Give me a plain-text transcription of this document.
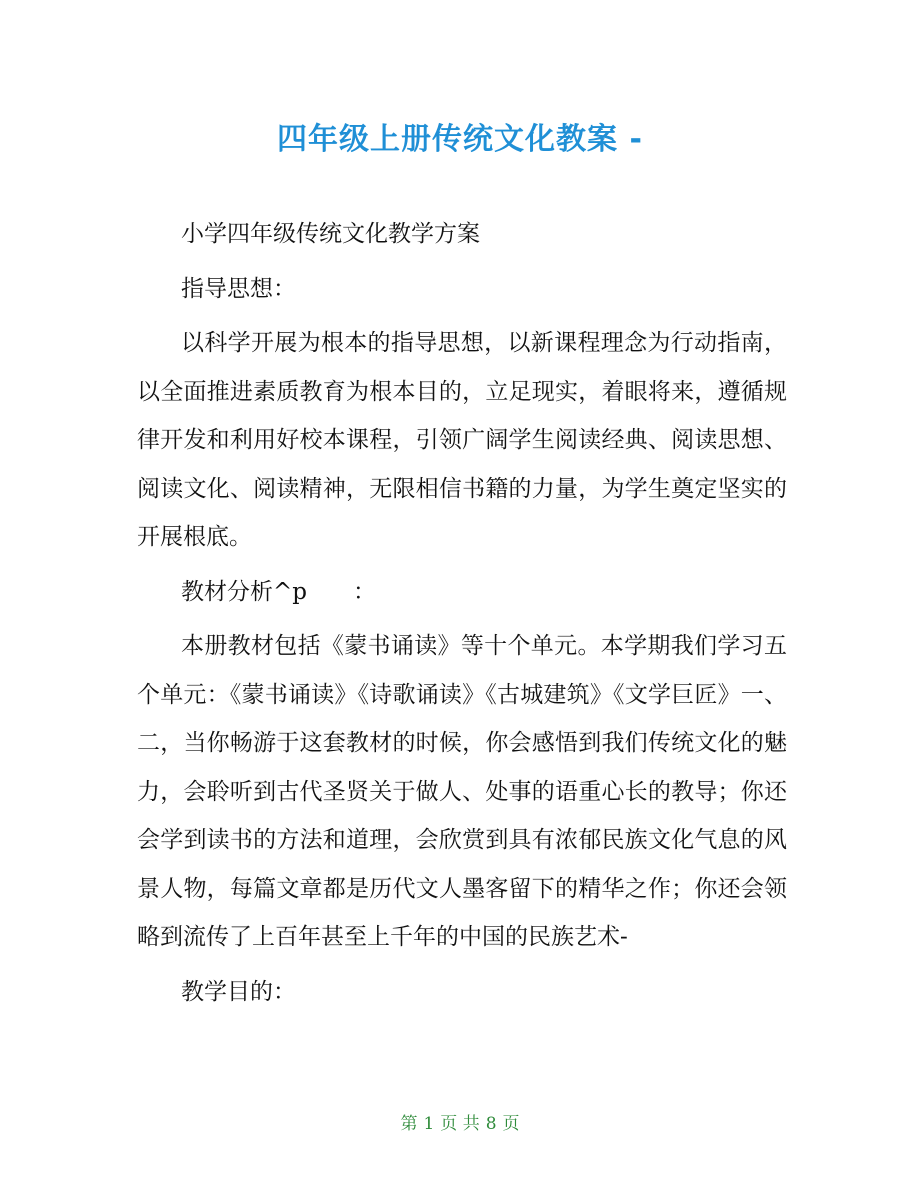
四年级上册传统文化教案 -

小学四年级传统文化教学方案

指导思想：

以科学开展为根本的指导思想，以新课程理念为行动指南，以全面推进素质教育为根本目的，立足现实，着眼将来，遵循规律开发和利用好校本课程，引领广阔学生阅读经典、阅读思想、阅读文化、阅读精神，无限相信书籍的力量，为学生奠定坚实的开展根底。

教材分析^p　　：

本册教材包括《蒙书诵读》等十个单元。本学期我们学习五个单元：《蒙书诵读》《诗歌诵读》《古城建筑》《文学巨匠》一、二，当你畅游于这套教材的时候，你会感悟到我们传统文化的魅力，会聆听到古代圣贤关于做人、处事的语重心长的教导；你还会学到读书的方法和道理，会欣赏到具有浓郁民族文化气息的风景人物，每篇文章都是历代文人墨客留下的精华之作；你还会领略到流传了上百年甚至上千年的中国的民族艺术-

教学目的：

第 1 页 共 8 页
